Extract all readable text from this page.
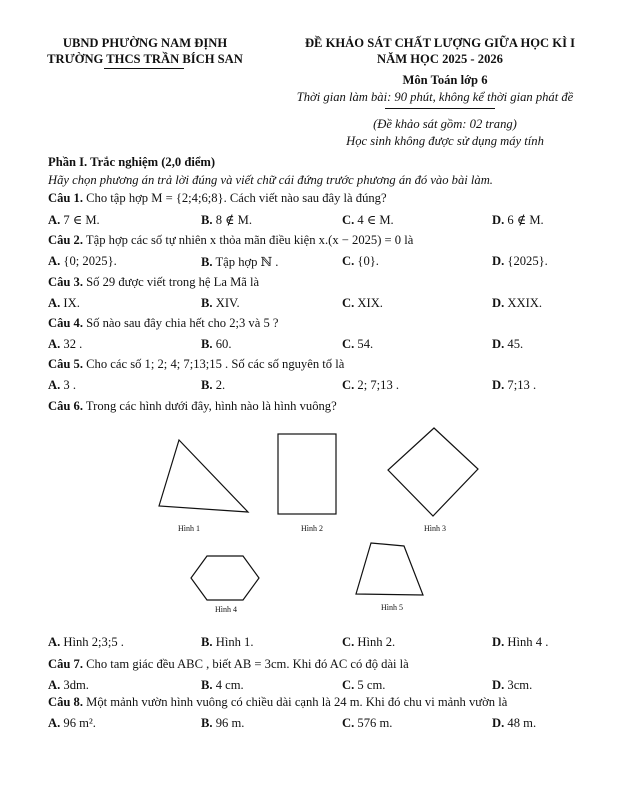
UBND PHƯỜNG NAM ĐỊNH
TRƯỜNG THCS TRẦN BÍCH SAN
ĐỀ KHẢO SÁT CHẤT LƯỢNG GIỮA HỌC KÌ I
NĂM HỌC 2025 - 2026
Môn Toán lớp 6
Thời gian làm bài: 90 phút, không kể thời gian phát đề
(Đề khảo sát gồm: 02 trang)
Học sinh không được sử dụng máy tính
Phần I. Trắc nghiệm (2,0 điểm)
Hãy chọn phương án trả lời đúng và viết chữ cái đứng trước phương án đó vào bài làm.
Câu 1. Cho tập hợp M = {2;4;6;8}. Cách viết nào sau đây là đúng?
A. 7 ∈ M.	B. 8 ∉ M.	C. 4 ∈ M.	D. 6 ∉ M.
Câu 2. Tập hợp các số tự nhiên x thỏa mãn điều kiện x.(x − 2025) = 0 là
A. {0; 2025}.	B. Tập hợp ℕ .	C. {0}.	D. {2025}.
Câu 3. Số 29 được viết trong hệ La Mã là
A. IX.	B. XIV.	C. XIX.	D. XXIX.
Câu 4. Số nào sau đây chia hết cho 2;3 và 5 ?
A. 32 .	B. 60.	C. 54.	D. 45.
Câu 5. Cho các số 1; 2; 4; 7;13;15 . Số các số nguyên tố là
A. 3 .	B. 2.	C. 2; 7;13 .	D. 7;13 .
Câu 6. Trong các hình dưới đây, hình nào là hình vuông?
A. Hình 2;3;5 .	B. Hình 1.	C. Hình 2.	D. Hình 4 .
Câu 7. Cho tam giác đều ABC , biết AB = 3cm. Khi đó AC có độ dài là
A. 3dm.	B. 4 cm.	C. 5 cm.	D. 3cm.
Câu 8. Một mảnh vườn hình vuông có chiều dài cạnh là 24 m. Khi đó chu vi mảnh vườn là
A. 96 m².	B. 96 m.	C. 576 m.	D. 48 m.
Hình 1	Hình 2	Hình 3
Hình 4	Hình 5
